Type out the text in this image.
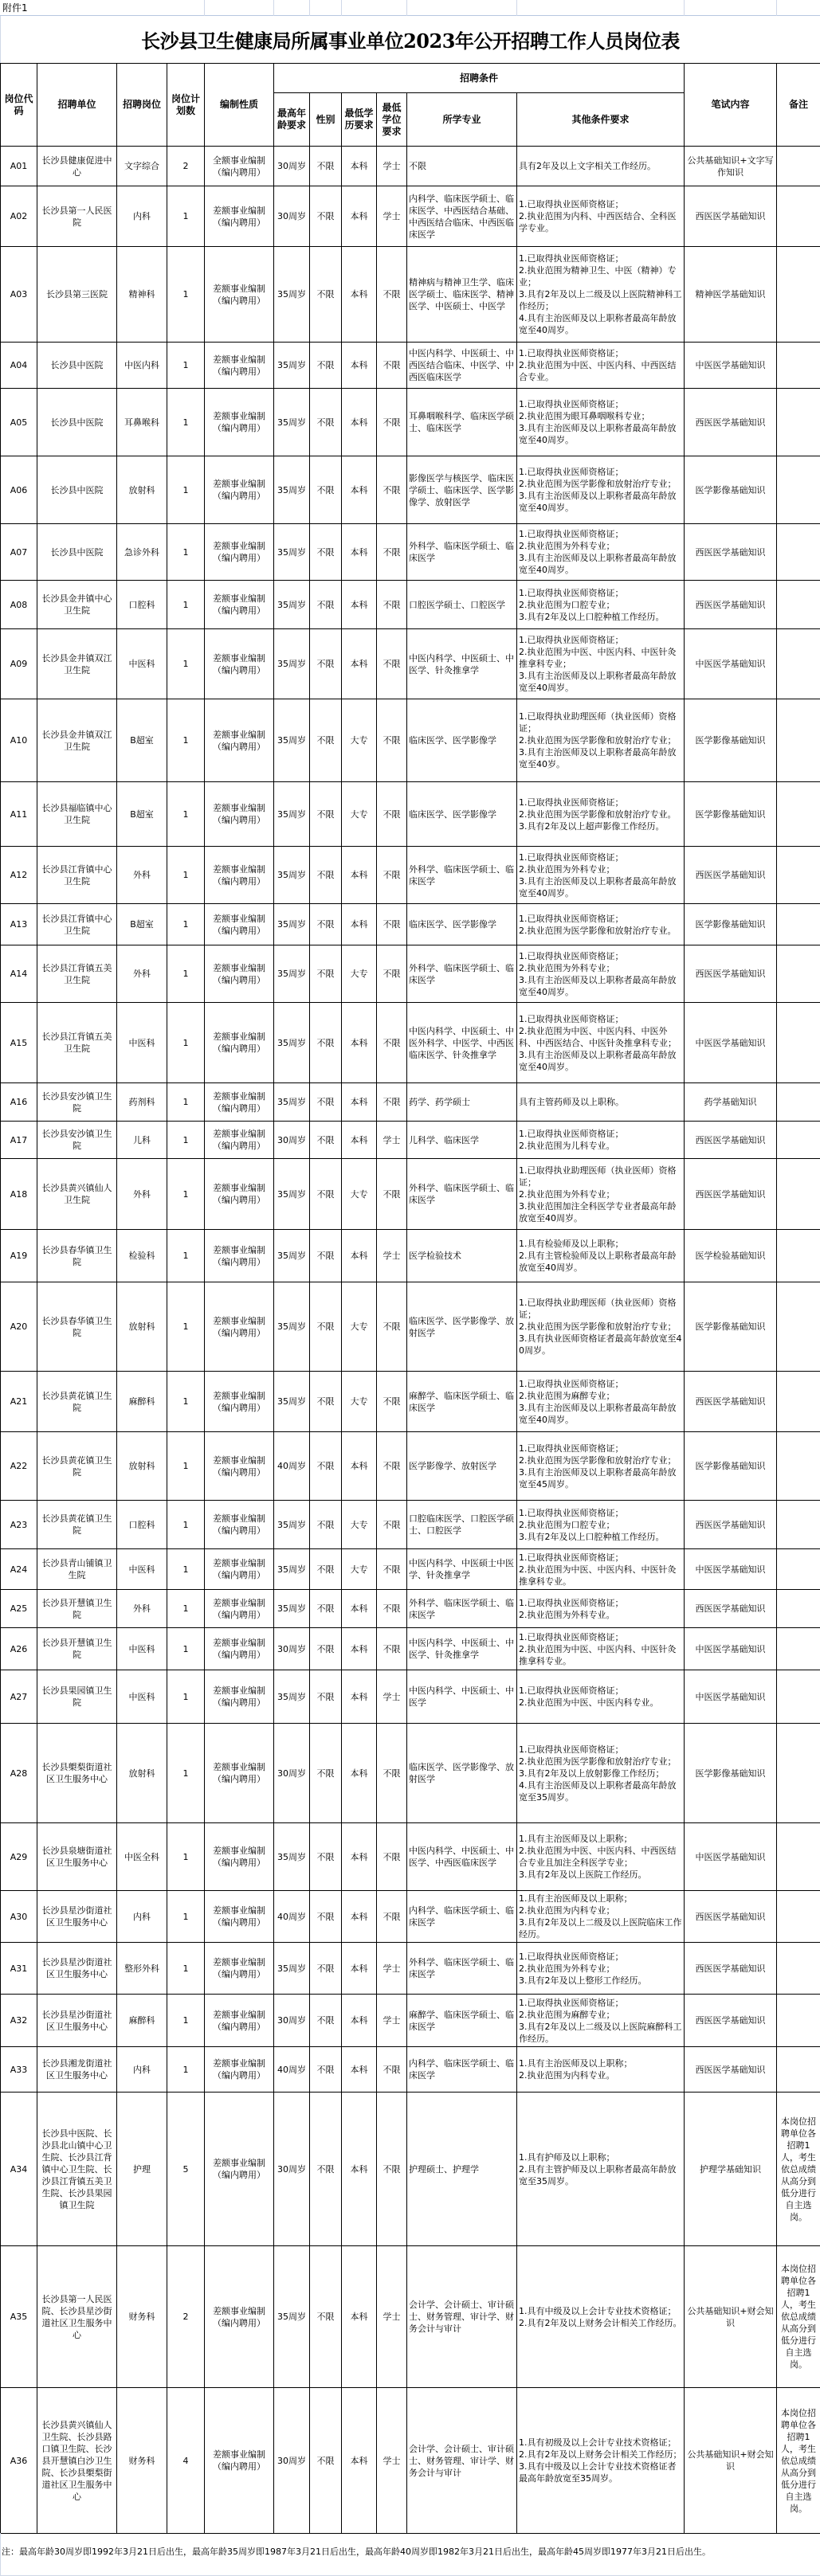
附件1
长沙县卫生健康局所属事业单位2023年公开招聘工作人员岗位表
岗位代码	招聘单位	招聘岗位	岗位计划数	编制性质	招聘条件						笔试内容	备注
					最高年龄要求	性别	最低学历要求	最低学位要求	所学专业	其他条件要求		
A01	长沙县健康促进中心	文字综合	2	全额事业编制（编内聘用）	30周岁	不限	本科	学士	不限	具有2年及以上文字相关工作经历。	公共基础知识+文字写作知识	
A02	长沙县第一人民医院	内科	1	差额事业编制（编内聘用）	30周岁	不限	本科	学士	内科学、临床医学硕士、临床医学、中西医结合基础、中西医结合临床、中西医临床医学	1.已取得执业医师资格证；
2.执业范围为内科、中西医结合、全科医学专业。	西医医学基础知识	
A03	长沙县第三医院	精神科	1	差额事业编制（编内聘用）	35周岁	不限	本科	不限	精神病与精神卫生学、临床医学硕士、临床医学、精神医学、中医硕士、中医学	1.已取得执业医师资格证；
2.执业范围为精神卫生、中医（精神）专业；
3.具有2年及以上二级及以上医院精神科工作经历；
4.具有主治医师及以上职称者最高年龄放宽至40周岁。	精神医学基础知识	
A04	长沙县中医院	中医内科	1	差额事业编制（编内聘用）	35周岁	不限	本科	不限	中医内科学、中医硕士、中西医结合临床、中医学、中西医临床医学	1.已取得执业医师资格证；
2.执业范围为中医、中医内科、中西医结合专业。	中医医学基础知识	
A05	长沙县中医院	耳鼻喉科	1	差额事业编制（编内聘用）	35周岁	不限	本科	不限	耳鼻咽喉科学、临床医学硕士、临床医学	1.已取得执业医师资格证；
2.执业范围为眼耳鼻咽喉科专业；
3.具有主治医师及以上职称者最高年龄放宽至40周岁。	西医医学基础知识	
A06	长沙县中医院	放射科	1	差额事业编制（编内聘用）	35周岁	不限	本科	不限	影像医学与核医学、临床医学硕士、临床医学、医学影像学、放射医学	1.已取得执业医师资格证；
2.执业范围为医学影像和放射治疗专业；
3.具有主治医师及以上职称者最高年龄放宽至40周岁。	医学影像基础知识	
A07	长沙县中医院	急诊外科	1	差额事业编制（编内聘用）	35周岁	不限	本科	不限	外科学、临床医学硕士、临床医学	1.已取得执业医师资格证；
2.执业范围为外科专业；
3.具有主治医师及以上职称者最高年龄放宽至40周岁。	西医医学基础知识	
A08	长沙县金井镇中心卫生院	口腔科	1	差额事业编制（编内聘用）	35周岁	不限	本科	不限	口腔医学硕士、口腔医学	1.已取得执业医师资格证；
2.执业范围为口腔专业；
3.具有2年及以上口腔种植工作经历。	西医医学基础知识	
A09	长沙县金井镇双江卫生院	中医科	1	差额事业编制（编内聘用）	35周岁	不限	本科	不限	中医内科学、中医硕士、中医学、针灸推拿学	1.已取得执业医师资格证；
2.执业范围为中医、中医内科、中医针灸推拿科专业；
3.具有主治医师及以上职称者最高年龄放宽至40周岁。	中医医学基础知识	
A10	长沙县金井镇双江卫生院	B超室	1	差额事业编制（编内聘用）	35周岁	不限	大专	不限	临床医学、医学影像学	1.已取得执业助理医师（执业医师）资格证；
2.执业范围为医学影像和放射治疗专业；
3.具有主治医师及以上职称者最高年龄放宽至40岁。	医学影像基础知识	
A11	长沙县福临镇中心卫生院	B超室	1	差额事业编制（编内聘用）	35周岁	不限	大专	不限	临床医学、医学影像学	1.已取得执业医师资格证；
2.执业范围为医学影像和放射治疗专业。
3.具有2年及以上超声影像工作经历。	医学影像基础知识	
A12	长沙县江背镇中心卫生院	外科	1	差额事业编制（编内聘用）	35周岁	不限	本科	不限	外科学、临床医学硕士、临床医学	1.已取得执业医师资格证；
2.执业范围为外科专业；
3.具有主治医师及以上职称者最高年龄放宽至40周岁。	西医医学基础知识	
A13	长沙县江背镇中心卫生院	B超室	1	差额事业编制（编内聘用）	35周岁	不限	本科	不限	临床医学、医学影像学	1.已取得执业医师资格证；
2.执业范围为医学影像和放射治疗专业。	医学影像基础知识	
A14	长沙县江背镇五美卫生院	外科	1	差额事业编制（编内聘用）	35周岁	不限	大专	不限	外科学、临床医学硕士、临床医学	1.已取得执业医师资格证；
2.执业范围为外科专业；
3.具有主治医师及以上职称者最高年龄放宽至40周岁。	西医医学基础知识	
A15	长沙县江背镇五美卫生院	中医科	1	差额事业编制（编内聘用）	35周岁	不限	本科	不限	中医内科学、中医硕士、中医外科学、中医学、中西医临床医学、针灸推拿学	1.已取得执业医师资格证；
2.执业范围为中医、中医内科、中医外科、中西医结合、中医针灸推拿科专业；
3.具有主治医师及以上职称者最高年龄放宽至40周岁。	中医医学基础知识	
A16	长沙县安沙镇卫生院	药剂科	1	差额事业编制（编内聘用）	35周岁	不限	本科	不限	药学、药学硕士	具有主管药师及以上职称。	药学基础知识	
A17	长沙县安沙镇卫生院	儿科	1	差额事业编制（编内聘用）	30周岁	不限	本科	学士	儿科学、临床医学	1.已取得执业医师资格证；
2.执业范围为儿科专业。	西医医学基础知识	
A18	长沙县黄兴镇仙人卫生院	外科	1	差额事业编制（编内聘用）	35周岁	不限	大专	不限	外科学、临床医学硕士、临床医学	1.已取得执业助理医师（执业医师）资格证；
2.执业范围为外科专业；
3.执业范围加注全科医学专业者最高年龄放宽至40周岁。	西医医学基础知识	
A19	长沙县春华镇卫生院	检验科	1	差额事业编制（编内聘用）	35周岁	不限	本科	学士	医学检验技术	1.具有检验师及以上职称；
2.具有主管检验师及以上职称者最高年龄放宽至40周岁。	医学检验基础知识	
A20	长沙县春华镇卫生院	放射科	1	差额事业编制（编内聘用）	35周岁	不限	大专	不限	临床医学、医学影像学、放射医学	1.已取得执业助理医师（执业医师）资格证；
2.执业范围为医学影像和放射治疗专业；
3.具有执业医师资格证者最高年龄放宽至40周岁。	医学影像基础知识	
A21	长沙县黄花镇卫生院	麻醉科	1	差额事业编制（编内聘用）	35周岁	不限	大专	不限	麻醉学、临床医学硕士、临床医学	1.已取得执业医师资格证；
2.执业范围为麻醉专业；
3.具有主治医师及以上职称者最高年龄放宽至40周岁。	西医医学基础知识	
A22	长沙县黄花镇卫生院	放射科	1	差额事业编制（编内聘用）	40周岁	不限	本科	不限	医学影像学、放射医学	1.已取得执业医师资格证；
2.执业范围为医学影像和放射治疗专业；
3.具有主治医师及以上职称者最高年龄放宽至45周岁。	医学影像基础知识	
A23	长沙县黄花镇卫生院	口腔科	1	差额事业编制（编内聘用）	35周岁	不限	大专	不限	口腔临床医学、口腔医学硕士、口腔医学	1.已取得执业医师资格证；
2.执业范围为口腔专业；
3.具有2年及以上口腔种植工作经历。	西医医学基础知识	
A24	长沙县青山铺镇卫生院	中医科	1	差额事业编制（编内聘用）	35周岁	不限	大专	不限	中医内科学、中医硕士中医学、针灸推拿学	1.已取得执业医师资格证；
2.执业范围为中医、中医内科、中医针灸推拿科专业。	中医医学基础知识	
A25	长沙县开慧镇卫生院	外科	1	差额事业编制（编内聘用）	35周岁	不限	本科	不限	外科学、临床医学硕士、临床医学	1.已取得执业医师资格证；
2.执业范围为外科专业。	西医医学基础知识	
A26	长沙县开慧镇卫生院	中医科	1	差额事业编制（编内聘用）	30周岁	不限	本科	不限	中医内科学、中医硕士、中医学、针灸推拿学	1.已取得执业医师资格证；
2.执业范围为中医、中医内科、中医针灸推拿科专业。	中医医学基础知识	
A27	长沙县果园镇卫生院	中医科	1	差额事业编制（编内聘用）	35周岁	不限	本科	学士	中医内科学、中医硕士、中医学	1.已取得执业医师资格证；
2.执业范围为中医、中医内科专业。	中医医学基础知识	
A28	长沙县㮾梨街道社区卫生服务中心	放射科	1	差额事业编制（编内聘用）	30周岁	不限	本科	不限	临床医学、医学影像学、放射医学	1.已取得执业医师资格证；
2.执业范围为医学影像和放射治疗专业；
3.具有2年及以上放射影像工作经历；
4.具有主治医师及以上职称者最高年龄放宽至35周岁。	医学影像基础知识	
A29	长沙县泉塘街道社区卫生服务中心	中医全科	1	差额事业编制（编内聘用）	35周岁	不限	本科	不限	中医内科学、中医硕士、中医学、中西医临床医学	1.具有主治医师及以上职称；
2.执业范围为中医、中医内科、中西医结合专业且加注全科医学专业；
3.具有2年及以上医院工作经历。	中医医学基础知识	
A30	长沙县星沙街道社区卫生服务中心	内科	1	差额事业编制（编内聘用）	40周岁	不限	本科	不限	内科学、临床医学硕士、临床医学	1.具有主治医师及以上职称；
2.执业范围为内科专业；
3.具有2年及以上二级及以上医院临床工作经历。	西医医学基础知识	
A31	长沙县星沙街道社区卫生服务中心	整形外科	1	差额事业编制（编内聘用）	35周岁	不限	本科	学士	外科学、临床医学硕士、临床医学	1.已取得执业医师资格证；
2.执业范围为外科专业；
3.具有2年及以上整形工作经历。	西医医学基础知识	
A32	长沙县星沙街道社区卫生服务中心	麻醉科	1	差额事业编制（编内聘用）	30周岁	不限	本科	学士	麻醉学、临床医学硕士、临床医学	1.已取得执业医师资格证；
2.执业范围为麻醉专业；
3.具有2年及以上二级及以上医院麻醉科工作经历。	西医医学基础知识	
A33	长沙县湘龙街道社区卫生服务中心	内科	1	差额事业编制（编内聘用）	40周岁	不限	本科	不限	内科学、临床医学硕士、临床医学	1.具有主治医师及以上职称；
2.执业范围为内科专业。	西医医学基础知识	
A34	长沙县中医院、长沙县北山镇中心卫生院、长沙县江背镇中心卫生院、长沙县江背镇五美卫生院、长沙县果园镇卫生院	护理	5	差额事业编制（编内聘用）	30周岁	不限	本科	不限	护理硕士、护理学	1.具有护师及以上职称；
2.具有主管护师及以上职称者最高年龄放宽至35周岁。	护理学基础知识	本岗位招聘单位各招聘1人，考生依总成绩从高分到低分进行自主选岗。
A35	长沙县第一人民医院、长沙县星沙街道社区卫生服务中心	财务科	2	差额事业编制（编内聘用）	35周岁	不限	本科	学士	会计学、会计硕士、审计硕士、财务管理、审计学、财务会计与审计	1.具有中级及以上会计专业技术资格证；
2.具有2年及以上财务会计相关工作经历。	公共基础知识+财会知识	本岗位招聘单位各招聘1人，考生依总成绩从高分到低分进行自主选岗。
A36	长沙县黄兴镇仙人卫生院、长沙县路口镇卫生院、长沙县开慧镇白沙卫生院、长沙县㮾梨街道社区卫生服务中心	财务科	4	差额事业编制（编内聘用）	30周岁	不限	本科	学士	会计学、会计硕士、审计硕士、财务管理、审计学、财务会计与审计	1.具有初级及以上会计专业技术资格证；
2.具有2年及以上财务会计相关工作经历；
3.具有中级及以上会计专业技术资格证者最高年龄放宽至35周岁。	公共基础知识+财会知识	本岗位招聘单位各招聘1人，考生依总成绩从高分到低分进行自主选岗。
注：最高年龄30周岁即1992年3月21日后出生，最高年龄35周岁即1987年3月21日后出生，最高年龄40周岁即1982年3月21日后出生，最高年龄45周岁即1977年3月21日后出生。
